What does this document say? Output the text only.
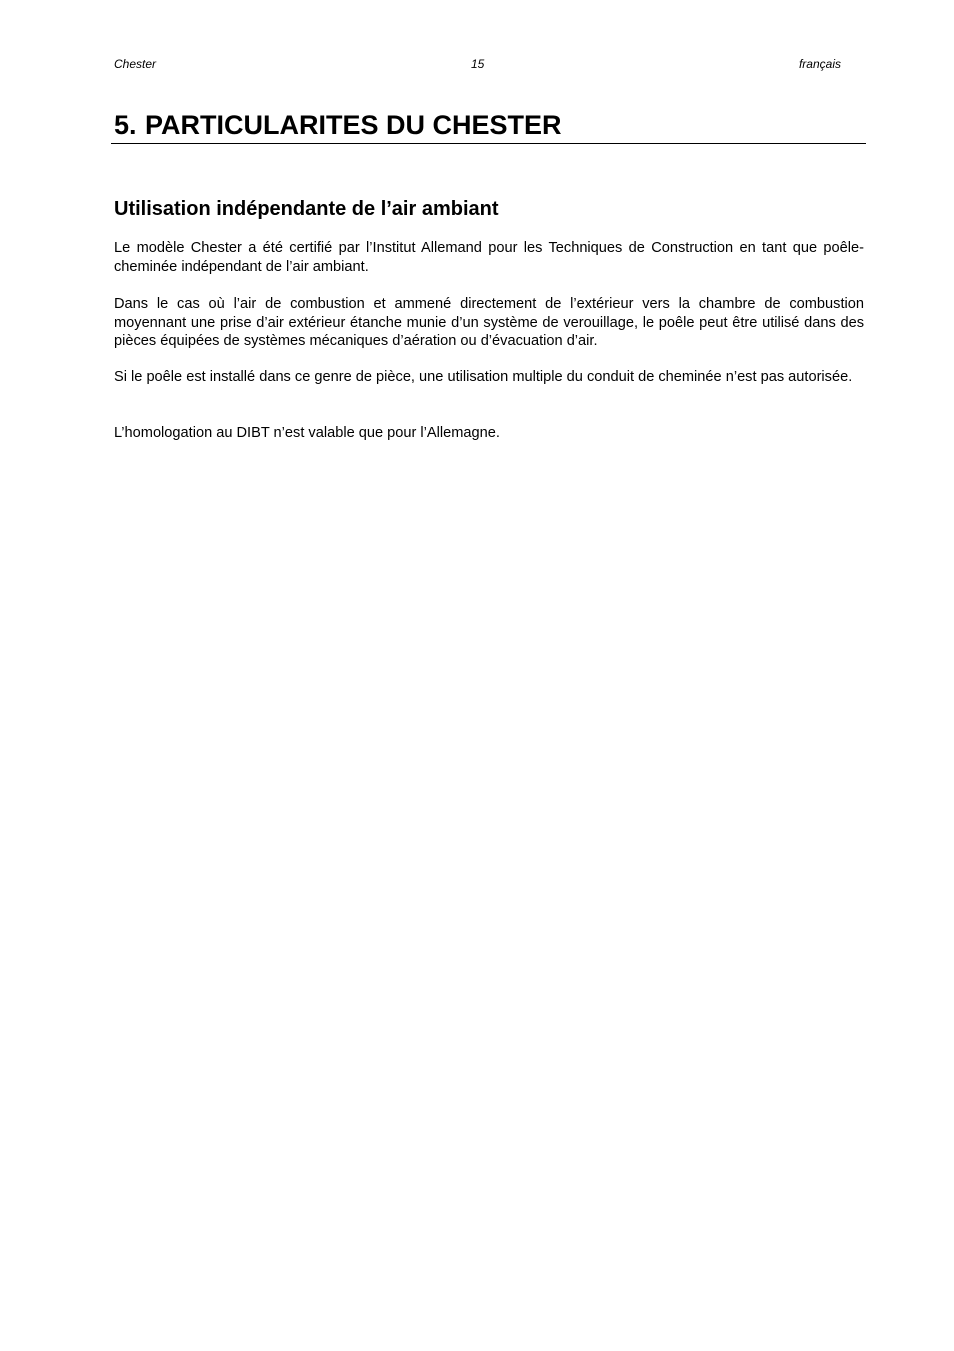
Chester	15	français
5. PARTICULARITES DU CHESTER
Utilisation indépendante de l’air ambiant

Le modèle Chester a été certifié par l’Institut Allemand pour les Techniques de Construction en tant que poêle-cheminée indépendant de l’air ambiant.

Dans le cas où l’air de combustion et ammené directement de l’extérieur vers la chambre de combustion moyennant une prise d’air extérieur étanche munie d’un système de verouillage, le poêle peut être utilisé dans des pièces équipées de systèmes mécaniques d’aération ou d’évacuation d’air.

Si le poêle est installé dans ce genre de pièce, une utilisation multiple du conduit de cheminée n’est pas autorisée.

L’homologation au DIBT n’est valable que pour l’Allemagne.
